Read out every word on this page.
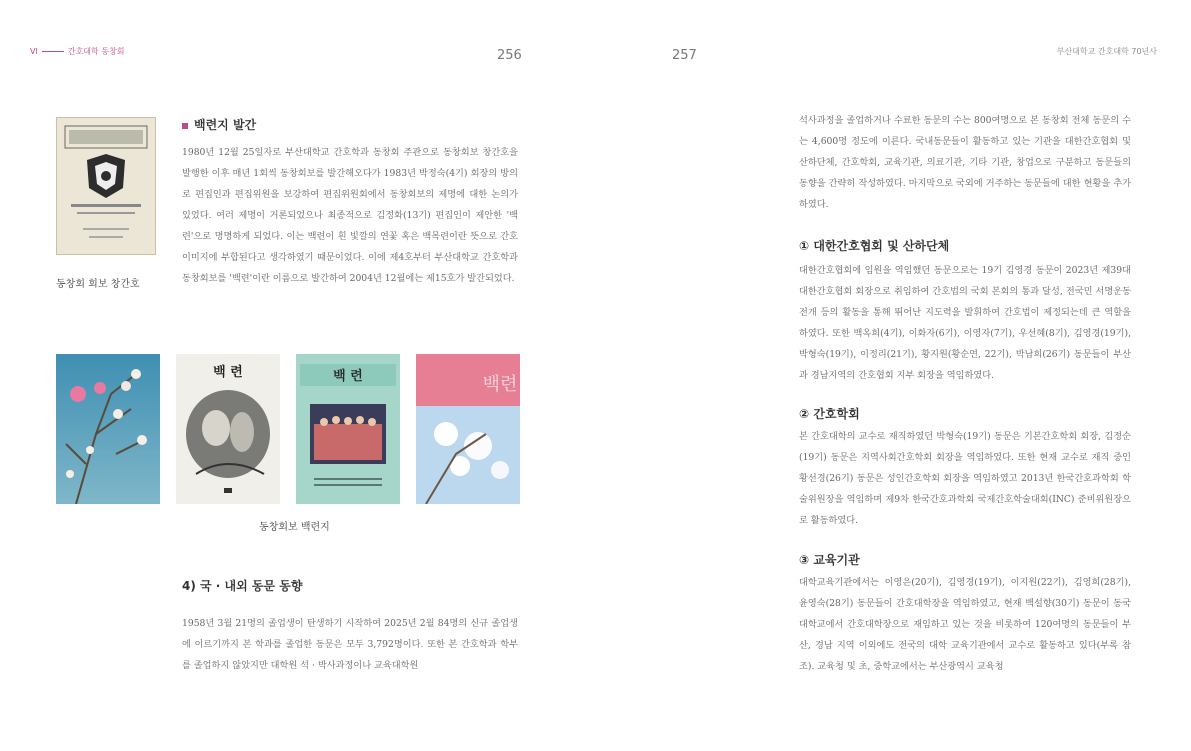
VI	간호대학 동창회	256
동창회 회보 창간호
백련지 발간
1980년 12월 25일자로 부산대학교 간호학과 동창회 주관으로 동창회보 창간호을 발행한 이후 매년 1회씩 동창회보를 발간해오다가 1983년 박정숙(4기) 회장의 방의로 편집인과 편집위원을 보강하여 편집위원회에서 동창회보의 제명에 대한 논의가 있었다. 여러 제명이 거론되었으나 최종적으로 김정화(13기) 편집인이 제안한 '백련'으로 명명하게 되었다. 이는 백련이 흰 빛깔의 연꽃 혹은 백목련이란 뜻으로 간호이미지에 부합된다고 생각하였기 때문이었다. 이에 제4호부터 부산대학교 간호학과 동창회보를 '백련'이란 이름으로 발간하여 2004년 12월에는 제15호가 발간되었다.
백 련	백 련	백련
동창회보 백련지
4) 국 · 내외 동문 동향
1958년 3월 21명의 졸업생이 탄생하기 시작하여 2025년 2월 84명의 신규 졸업생에 이르기까지 본 학과를 졸업한 동문은 모두 3,792명이다. 또한 본 간호학과 학부를 졸업하지 않았지만 대학원 석 · 박사과정이나 교육대학원
257	부산대학교 간호대학 70년사
석사과정을 졸업하거나 수료한 동문의 수는 800여명으로 본 동창회 전체 동문의 수는 4,600명 정도에 이른다. 국내동문들이 활동하고 있는 기관을 대한간호협회 및 산하단체, 간호학회, 교육기관, 의료기관, 기타 기관, 창업으로 구분하고 동문들의 동향을 간략히 작성하였다. 마지막으로 국외에 거주하는 동문들에 대한 현황을 추가하였다.
① 대한간호협회 및 산하단체
대한간호협회에 임원을 역임했던 동문으로는 19기 김영경 동문이 2023년 제39대 대한간호협회 회장으로 취임하여 간호법의 국회 본회의 통과 달성, 전국민 서명운동 전개 등의 활동을 통해 뛰어난 지도력을 발휘하여 간호법이 제정되는데 큰 역할을 하였다. 또한 백옥희(4기), 이화자(6기), 이영자(7기), 우선혜(8기), 김영경(19기), 박형숙(19기), 이정리(21기), 황지원(황순연, 22기), 박남희(26기) 동문들이 부산과 경남지역의 간호협회 지부 회장을 역임하였다.
② 간호학회
본 간호대학의 교수로 재직하였던 박형숙(19기) 동문은 기본간호학회 회장, 김정순(19기) 동문은 지역사회간호학회 회장을 역임하였다. 또한 현재 교수로 재직 중인 황선경(26기) 동문은 성인간호학회 회장을 역임하였고 2013년 한국간호과학회 학술위원장을 역임하며 제9차 한국간호과학회 국제간호학술대회(INC) 준비위원장으로 활동하였다.
③ 교육기관
대학교육기관에서는 이영은(20기), 김영경(19기), 이지원(22기), 김영희(28기), 윤영숙(28기) 동문들이 간호대학장을 역임하였고, 현재 백설향(30기) 동문이 동국대학교에서 간호대학장으로 재임하고 있는 것을 비롯하여 120여명의 동문들이 부산, 경남 지역 이외에도 전국의 대학 교육기관에서 교수로 활동하고 있다(부록 참조). 교육청 및 초, 중학교에서는 부산광역시 교육청
